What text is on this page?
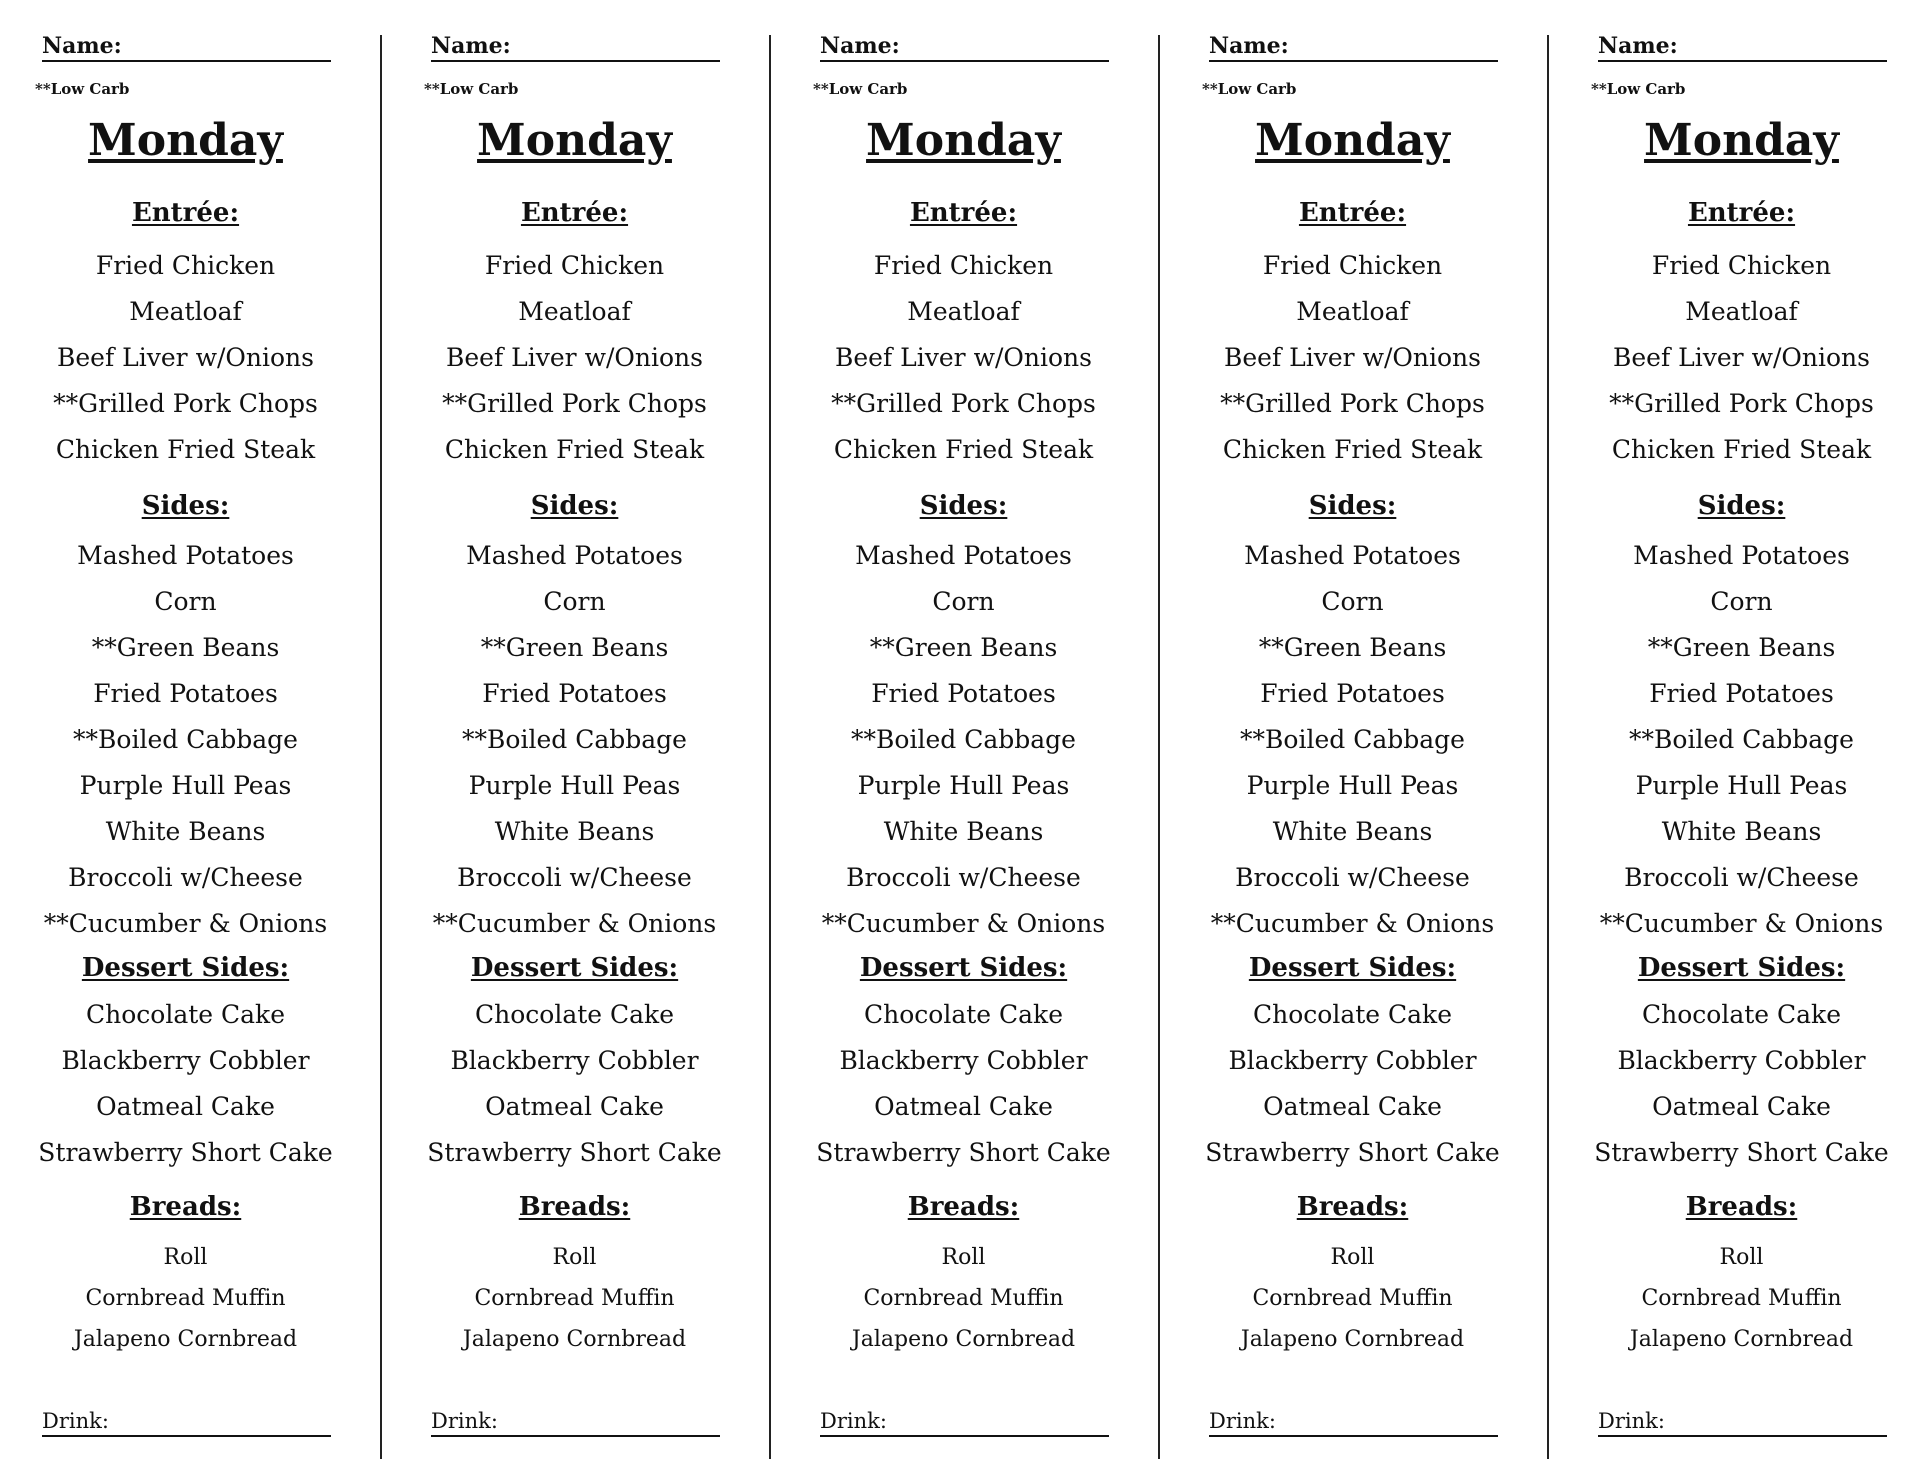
Name:
**Low Carb
Monday
Entrée:
Fried Chicken
Meatloaf
Beef Liver w/Onions
**Grilled Pork Chops
Chicken Fried Steak
Sides:
Mashed Potatoes
Corn
**Green Beans
Fried Potatoes
**Boiled Cabbage
Purple Hull Peas
White Beans
Broccoli w/Cheese
**Cucumber & Onions
Dessert Sides:
Chocolate Cake
Blackberry Cobbler
Oatmeal Cake
Strawberry Short Cake
Breads:
Roll
Cornbread Muffin
Jalapeno Cornbread
Drink:
Name:
**Low Carb
Monday
Entrée:
Fried Chicken
Meatloaf
Beef Liver w/Onions
**Grilled Pork Chops
Chicken Fried Steak
Sides:
Mashed Potatoes
Corn
**Green Beans
Fried Potatoes
**Boiled Cabbage
Purple Hull Peas
White Beans
Broccoli w/Cheese
**Cucumber & Onions
Dessert Sides:
Chocolate Cake
Blackberry Cobbler
Oatmeal Cake
Strawberry Short Cake
Breads:
Roll
Cornbread Muffin
Jalapeno Cornbread
Drink:
Name:
**Low Carb
Monday
Entrée:
Fried Chicken
Meatloaf
Beef Liver w/Onions
**Grilled Pork Chops
Chicken Fried Steak
Sides:
Mashed Potatoes
Corn
**Green Beans
Fried Potatoes
**Boiled Cabbage
Purple Hull Peas
White Beans
Broccoli w/Cheese
**Cucumber & Onions
Dessert Sides:
Chocolate Cake
Blackberry Cobbler
Oatmeal Cake
Strawberry Short Cake
Breads:
Roll
Cornbread Muffin
Jalapeno Cornbread
Drink:
Name:
**Low Carb
Monday
Entrée:
Fried Chicken
Meatloaf
Beef Liver w/Onions
**Grilled Pork Chops
Chicken Fried Steak
Sides:
Mashed Potatoes
Corn
**Green Beans
Fried Potatoes
**Boiled Cabbage
Purple Hull Peas
White Beans
Broccoli w/Cheese
**Cucumber & Onions
Dessert Sides:
Chocolate Cake
Blackberry Cobbler
Oatmeal Cake
Strawberry Short Cake
Breads:
Roll
Cornbread Muffin
Jalapeno Cornbread
Drink:
Name:
**Low Carb
Monday
Entrée:
Fried Chicken
Meatloaf
Beef Liver w/Onions
**Grilled Pork Chops
Chicken Fried Steak
Sides:
Mashed Potatoes
Corn
**Green Beans
Fried Potatoes
**Boiled Cabbage
Purple Hull Peas
White Beans
Broccoli w/Cheese
**Cucumber & Onions
Dessert Sides:
Chocolate Cake
Blackberry Cobbler
Oatmeal Cake
Strawberry Short Cake
Breads:
Roll
Cornbread Muffin
Jalapeno Cornbread
Drink:
